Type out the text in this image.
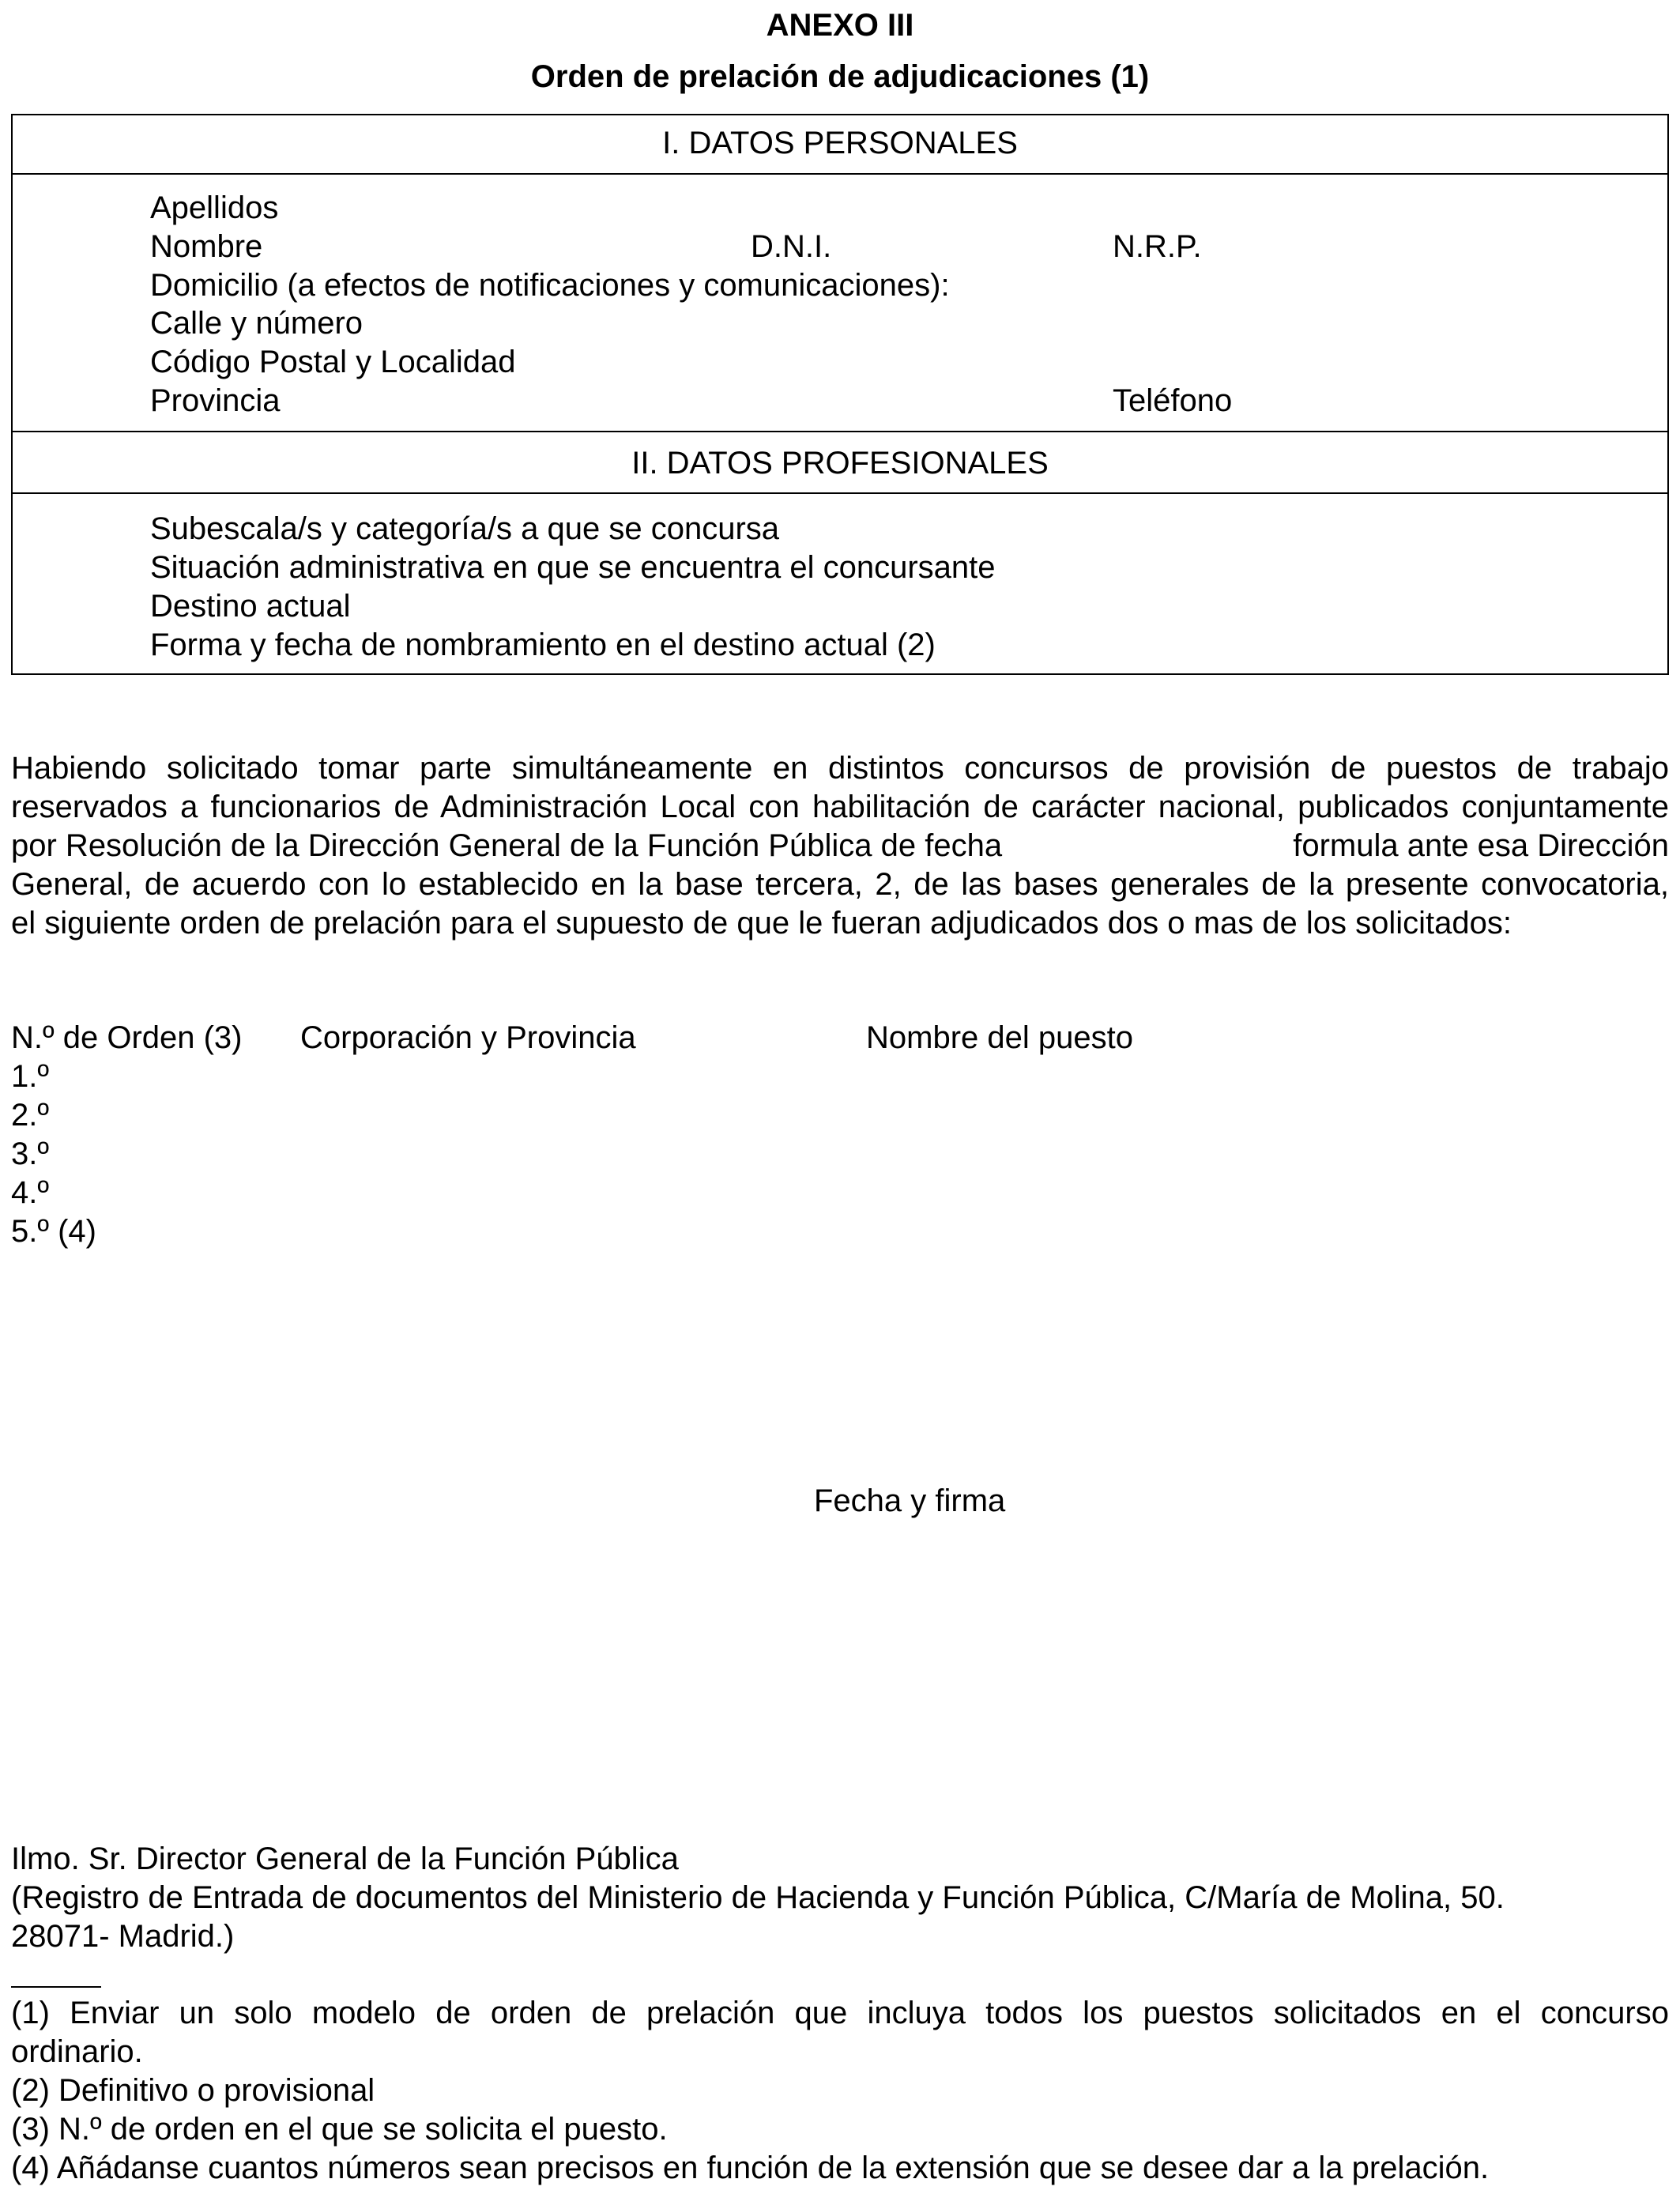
ANEXO III
Orden de prelación de adjudicaciones (1)
I. DATOS PERSONALES
Apellidos
Nombre	D.N.I.	N.R.P.
Domicilio (a efectos de notificaciones y comunicaciones):
Calle y número
Código Postal y Localidad
Provincia	Teléfono
II. DATOS PROFESIONALES
Subescala/s y categoría/s a que se concursa
Situación administrativa en que se encuentra el concursante
Destino actual
Forma y fecha de nombramiento en el destino actual (2)
Habiendo solicitado tomar parte simultáneamente en distintos concursos de provisión de puestos de trabajo
reservados a funcionarios de Administración Local con habilitación de carácter nacional, publicados conjuntamente
por Resolución de la Dirección General de la Función Pública de fecha	formula ante esa Dirección
General, de acuerdo con lo establecido en la base tercera, 2, de las bases generales de la presente convocatoria,
el siguiente orden de prelación para el supuesto de que le fueran adjudicados dos o mas de los solicitados:
N.º de Orden (3) Corporación y Provincia	Nombre del puesto
1.º
2.º
3.º
4.º
5.º (4)
Fecha y firma
Ilmo. Sr. Director General de la Función Pública
(Registro de Entrada de documentos del Ministerio de Hacienda y Función Pública, C/María de Molina, 50.
28071- Madrid.)
(1) Enviar un solo modelo de orden de prelación que incluya todos los puestos solicitados en el concurso
ordinario.
(2) Definitivo o provisional
(3) N.º de orden en el que se solicita el puesto.
(4) Añádanse cuantos números sean precisos en función de la extensión que se desee dar a la prelación.
